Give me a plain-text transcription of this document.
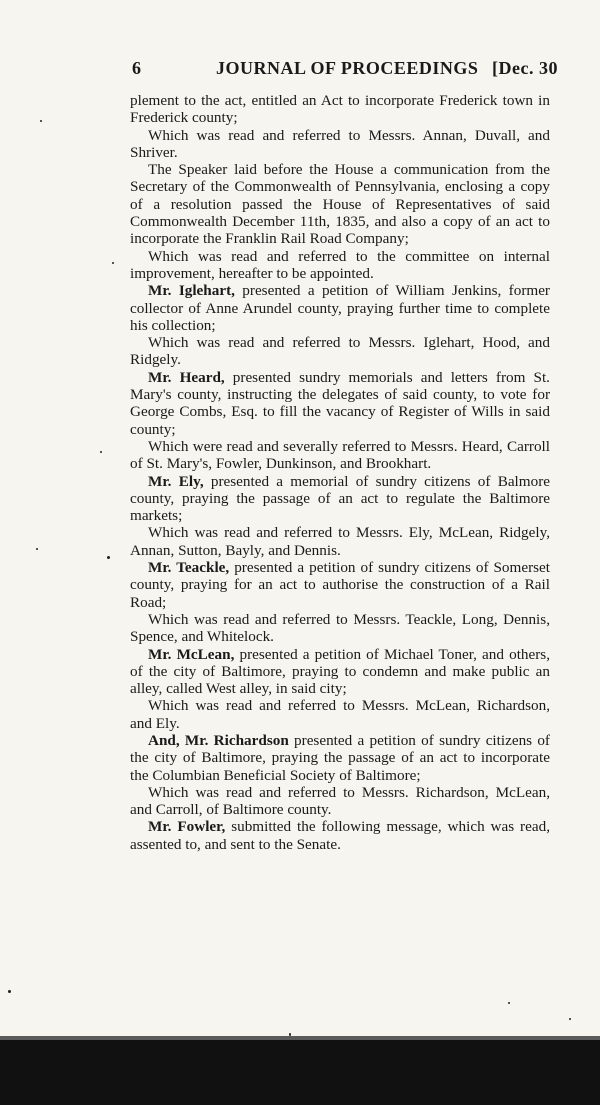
6	JOURNAL OF PROCEEDINGS [Dec. 30

plement to the act, entitled an Act to incorporate Frederick town in Frederick county;

Which was read and referred to Messrs. Annan, Duvall, and Shriver.

The Speaker laid before the House a communication from the Secretary of the Commonwealth of Pennsylvania, enclosing a copy of a resolution passed the House of Representatives of said Commonwealth December 11th, 1835, and also a copy of an act to incorporate the Franklin Rail Road Company;

Which was read and referred to the committee on internal improvement, hereafter to be appointed.

Mr. Iglehart, presented a petition of William Jenkins, former collector of Anne Arundel county, praying further time to complete his collection;

Which was read and referred to Messrs. Iglehart, Hood, and Ridgely.

Mr. Heard, presented sundry memorials and letters from St. Mary's county, instructing the delegates of said county, to vote for George Combs, Esq. to fill the vacancy of Register of Wills in said county;

Which were read and severally referred to Messrs. Heard, Carroll of St. Mary's, Fowler, Dunkinson, and Brookhart.

Mr. Ely, presented a memorial of sundry citizens of Balmore county, praying the passage of an act to regulate the Baltimore markets;

Which was read and referred to Messrs. Ely, McLean, Ridgely, Annan, Sutton, Bayly, and Dennis.

Mr. Teackle, presented a petition of sundry citizens of Somerset county, praying for an act to authorise the construction of a Rail Road;

Which was read and referred to Messrs. Teackle, Long, Dennis, Spence, and Whitelock.

Mr. McLean, presented a petition of Michael Toner, and others, of the city of Baltimore, praying to condemn and make public an alley, called West alley, in said city;

Which was read and referred to Messrs. McLean, Richardson, and Ely.

And, Mr. Richardson presented a petition of sundry citizens of the city of Baltimore, praying the passage of an act to incorporate the Columbian Beneficial Society of Baltimore;

Which was read and referred to Messrs. Richardson, McLean, and Carroll, of Baltimore county.

Mr. Fowler, submitted the following message, which was read, assented to, and sent to the Senate.
